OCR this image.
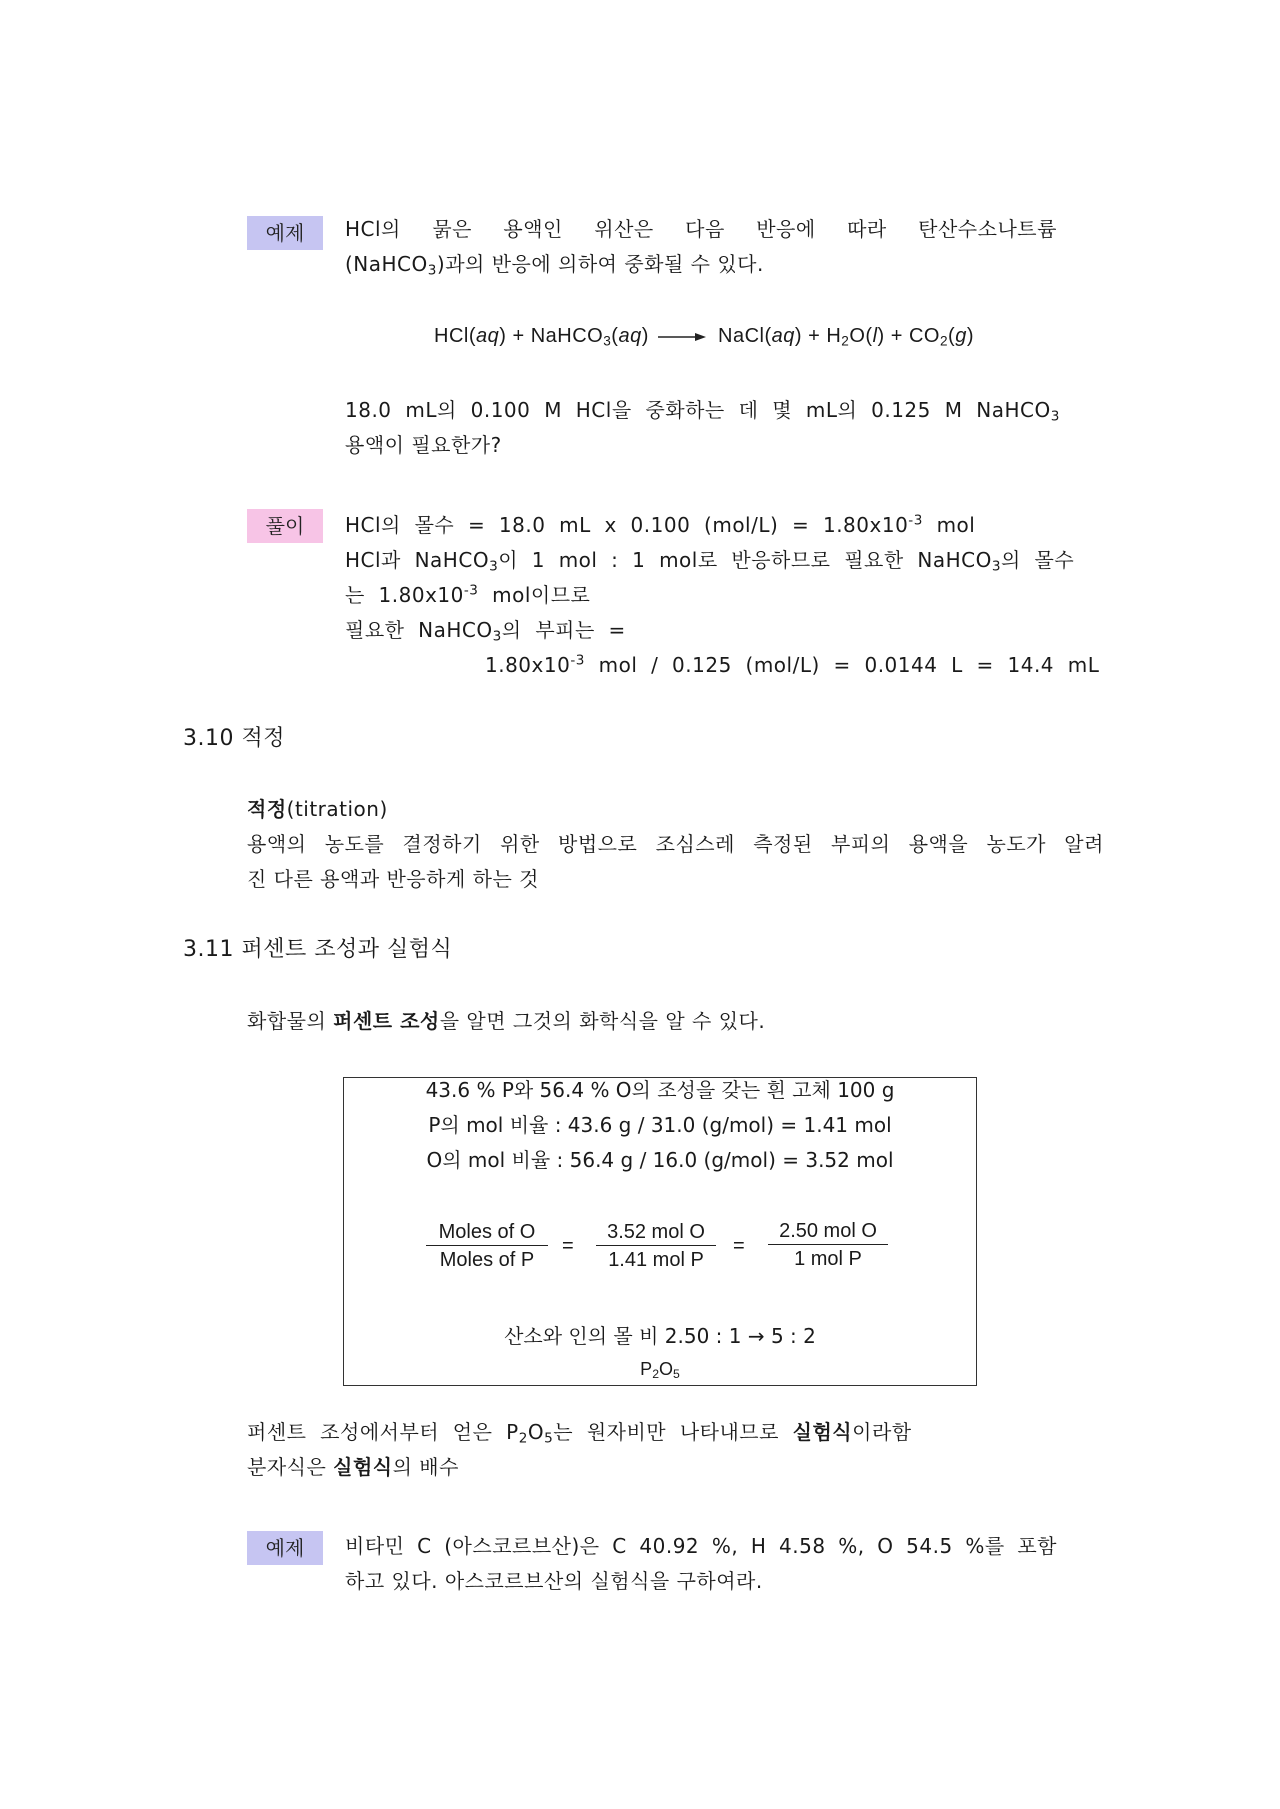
예제	HCl의 묽은 용액인 위산은 다음 반응에 따라 탄산수소나트륨
(NaHCO$_3$)과의 반응에 의하여 중화될 수 있다.
HCl(aq) + NaHCO$_3$(aq) → NaCl(aq) + $H_2O(l) + CO_2(g)$
18.0 mL의 0.100 M HCl을 중화하는 데 몇 mL의 0.125 M NaHCO$_3$
용액이 필요한가?
풀이	HCl의  몰수  =  18.0  mL  x  0.100  $(mol/L) = 1.80x10^{-3}$  mol
HCl과  NaHCO$_3$이  1  mol  :  1  mol로  반응하므로  필요한  NaHCO$_3$의  몰수
는  $1.80x10^{-3}$  mol이므로
필요한  NaHCO$_3$의  부피는  =
$1.80x10^{-3}$  mol  /  0.125  (mol/L)  =  0.0144  L  =  14.4  mL
3.10 적정
적정(titration)
용액의 농도를 결정하기 위한 방법으로 조심스레 측정된 부피의 용액을 농도가 알려
진 다른 용액과 반응하게 하는 것
3.11 퍼센트 조성과 실험식
화합물의 퍼센트 조성을 알면 그것의 화학식을 알 수 있다.
43.6 % P와 56.4 % O의 조성을 갖는 흰 고체 100 g
P의 mol 비율 : 43.6 g / 31.0 (g/mol) = 1.41 mol
O의 mol 비율 : 56.4 g / 16.0 (g/mol) = 3.52 mol
Moles of O
Moles of P
=
3.52 mol O
1.41 mol P
=
2.50 mol O
1 mol P
산소와 인의 몰 비 2.50 : 1 → 5 : 2
$P_2O_5$
퍼센트  조성에서부터  얻은  $P_2O_5$는  원자비만  나타내므로  실험식이라함
분자식은 실험식의 배수
예제	비타민 C (아스코르브산)은 C 40.92 %, H 4.58 %, O 54.5 %를 포함
하고 있다. 아스코르브산의 실험식을 구하여라.
